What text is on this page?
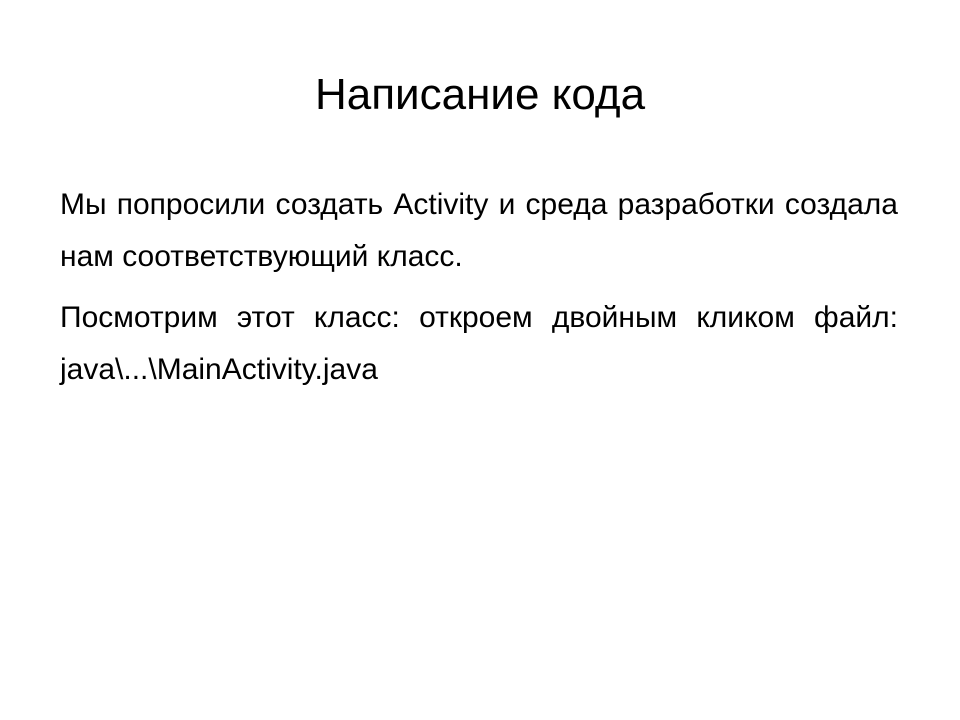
Написание кода

Мы попросили создать Activity и среда разработки создала нам соответствующий класс.

Посмотрим этот класс: откроем двойным кликом файл: java\...\MainActivity.java
